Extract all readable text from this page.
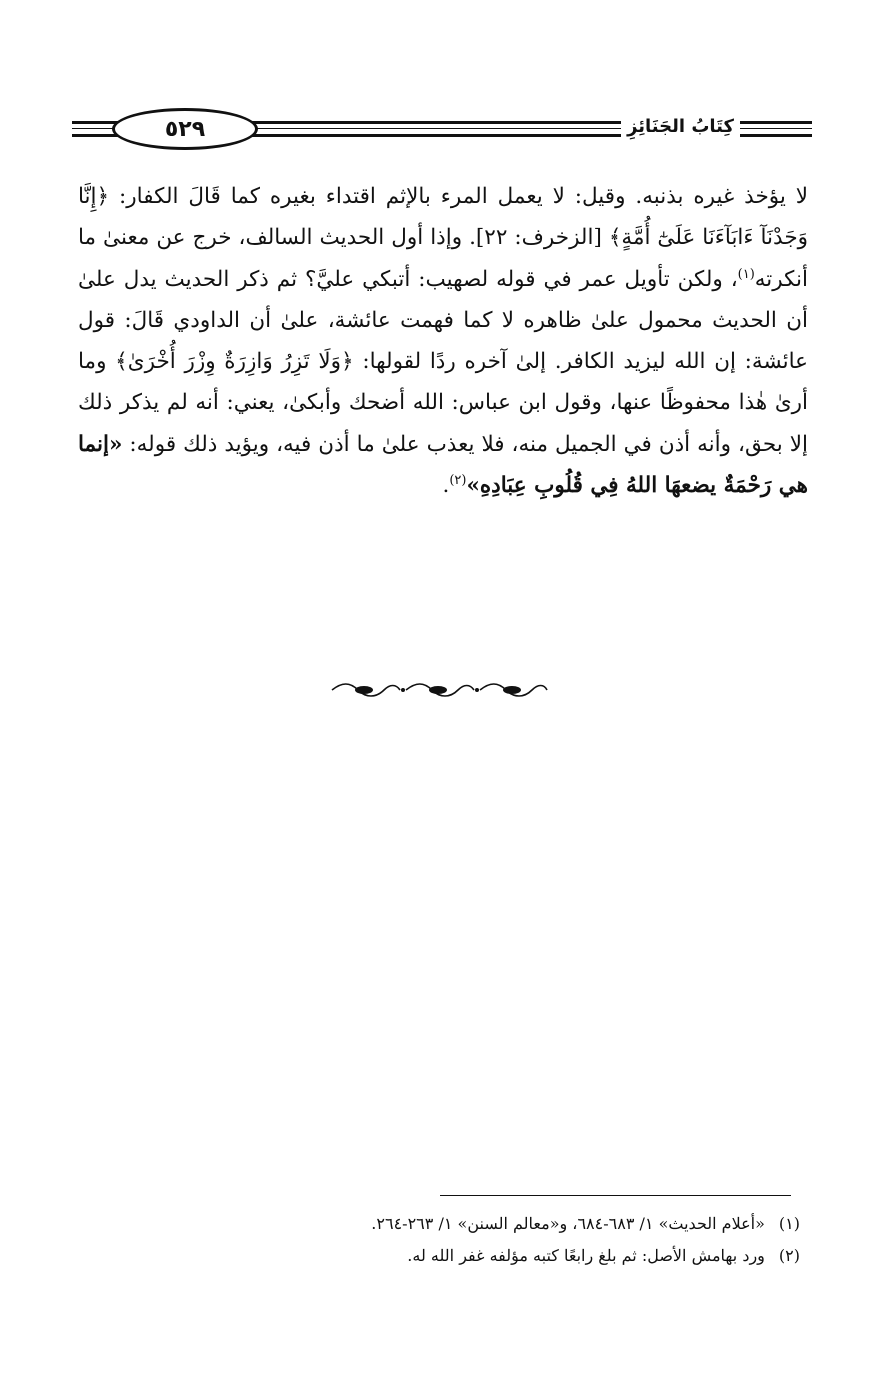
٥٢٩	كِتَابُ الجَنَائِزِ

لا يؤخذ غيره بذنبه. وقيل: لا يعمل المرء بالإثم اقتداء بغيره كما قَالَ الكفار: ﴿إِنَّا وَجَدْنَآ ءَابَآءَنَا عَلَىٰٓ أُمَّةٍ﴾ [الزخرف: ٢٢]. وإذا أول الحديث السالف، خرج عن معنىٰ ما أنكرته$^{(١)}$، ولكن تأويل عمر في قوله لصهيب: أتبكي عليَّ؟ ثم ذكر الحديث يدل علىٰ أن الحديث محمول علىٰ ظاهره لا كما فهمت عائشة، علىٰ أن الداودي قَالَ: قول عائشة: إن الله ليزيد الكافر. إلىٰ آخره ردًا لقولها: ﴿وَلَا تَزِرُ وَازِرَةٌ وِزْرَ أُخْرَىٰ﴾ وما أرىٰ هٰذا محفوظًا عنها، وقول ابن عباس: الله أضحك وأبكىٰ، يعني: أنه لم يذكر ذلك إلا بحق، وأنه أذن في الجميل منه، فلا يعذب علىٰ ما أذن فيه، ويؤيد ذلك قوله: «إنما هي رَحْمَةٌ يضعهَا اللهُ فِي قُلُوبِ عِبَادِهِ»$^{(٢)}$.

(١)«أعلام الحديث» ١/ ٦٨٣-٦٨٤، و«معالم السنن» ١/ ٢٦٣-٢٦٤.

(٢)ورد بهامش الأصل: ثم بلغ رابعًا كتبه مؤلفه غفر الله له.
